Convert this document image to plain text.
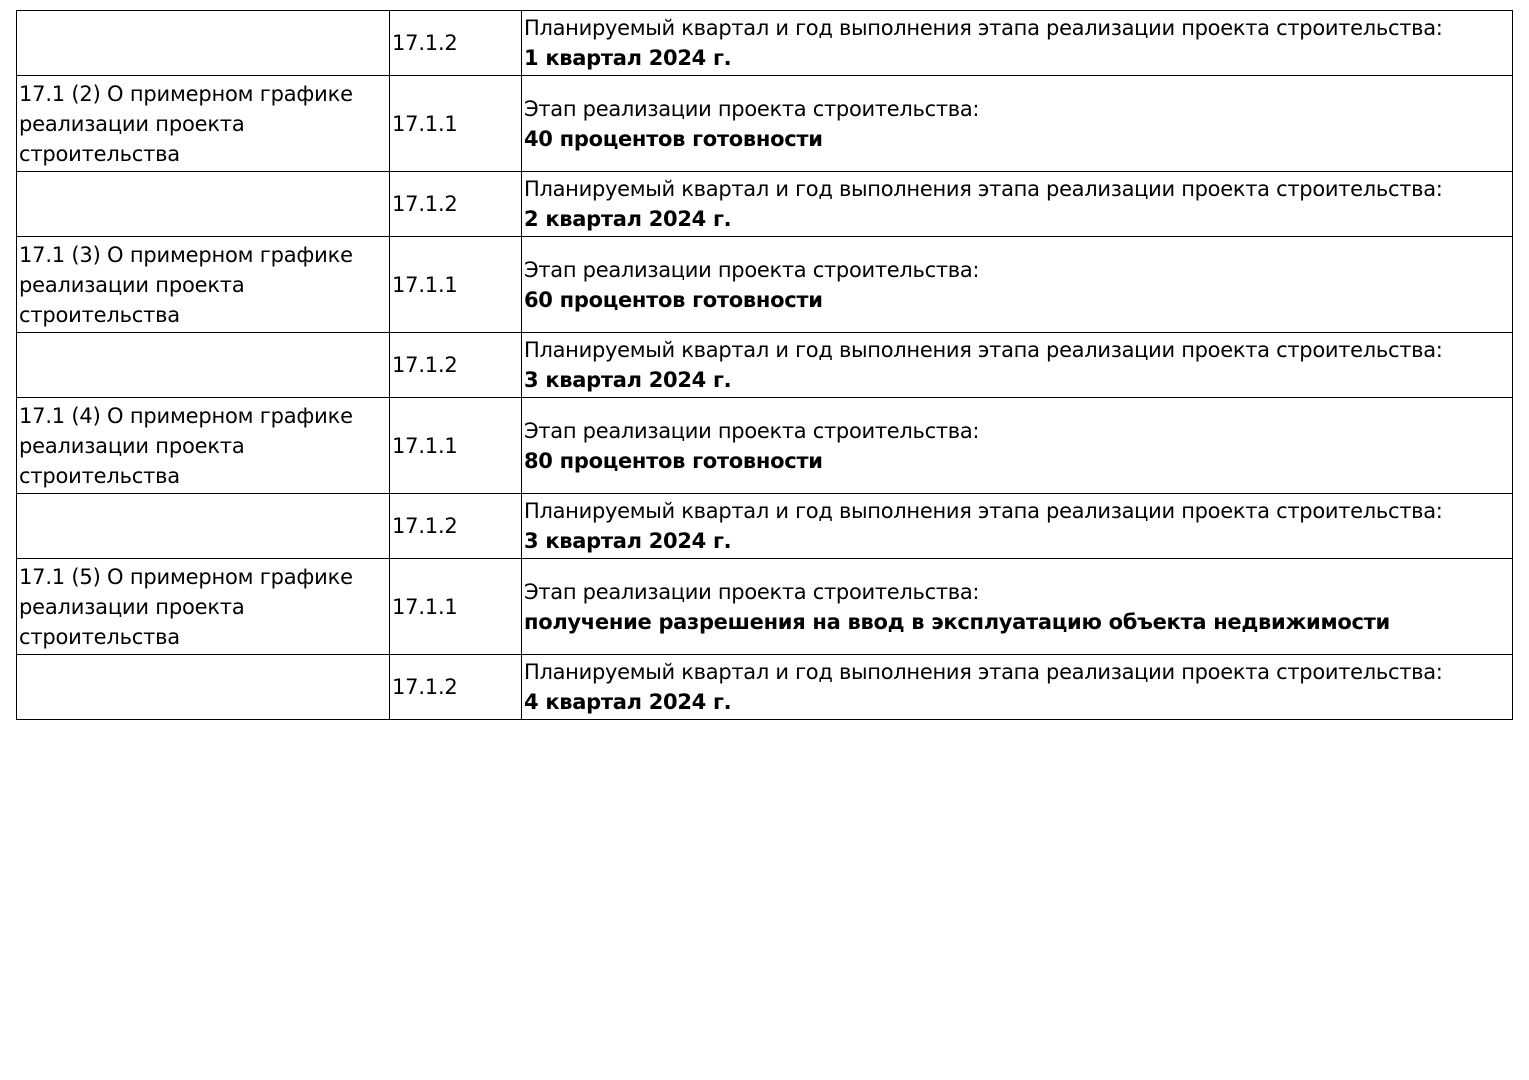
	17.1.2	Планируемый квартал и год выполнения этапа реализации проекта строительства:
1 квартал 2024 г.

17.1 (2) О примерном графике реализации проекта строительства	17.1.1	Этап реализации проекта строительства:
40 процентов готовности

	17.1.2	Планируемый квартал и год выполнения этапа реализации проекта строительства:
2 квартал 2024 г.

17.1 (3) О примерном графике реализации проекта строительства	17.1.1	Этап реализации проекта строительства:
60 процентов готовности

	17.1.2	Планируемый квартал и год выполнения этапа реализации проекта строительства:
3 квартал 2024 г.

17.1 (4) О примерном графике реализации проекта строительства	17.1.1	Этап реализации проекта строительства:
80 процентов готовности

	17.1.2	Планируемый квартал и год выполнения этапа реализации проекта строительства:
3 квартал 2024 г.

17.1 (5) О примерном графике реализации проекта строительства	17.1.1	Этап реализации проекта строительства:
получение разрешения на ввод в эксплуатацию объекта недвижимости

	17.1.2	Планируемый квартал и год выполнения этапа реализации проекта строительства:
4 квартал 2024 г.
